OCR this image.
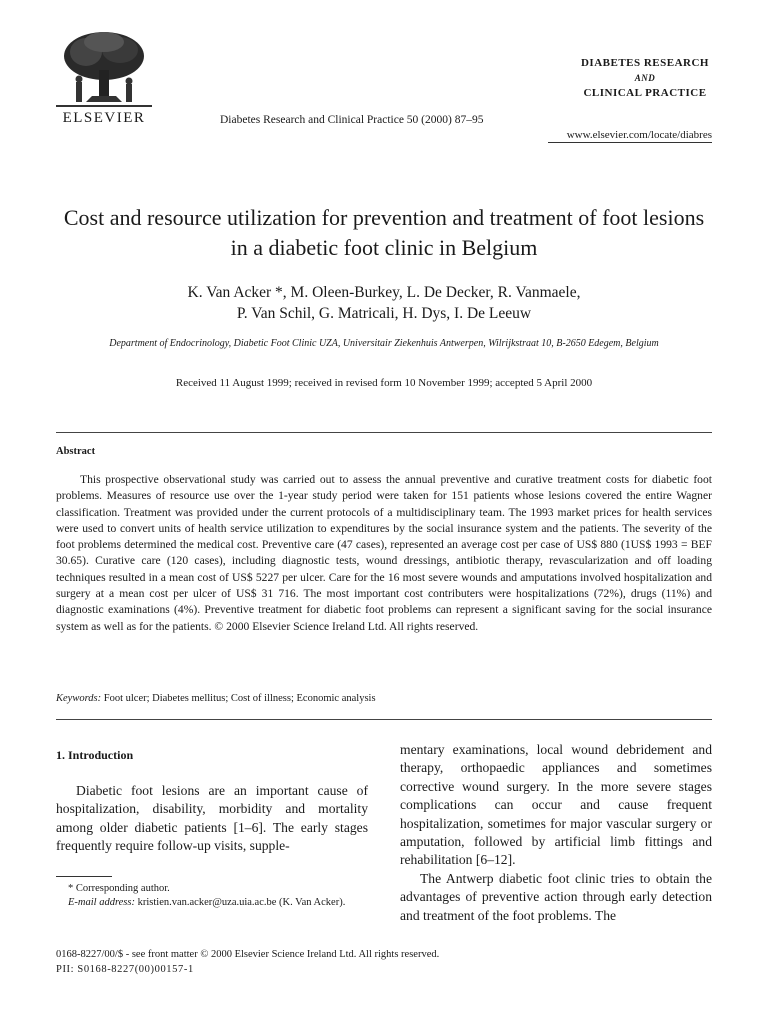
ELSEVIER	Diabetes Research and Clinical Practice 50 (2000) 87–95
DIABETES RESEARCH
AND
CLINICAL PRACTICE
www.elsevier.com/locate/diabres
Cost and resource utilization for prevention and treatment of foot lesions in a diabetic foot clinic in Belgium
K. Van Acker *, M. Oleen-Burkey, L. De Decker, R. Vanmaele,
P. Van Schil, G. Matricali, H. Dys, I. De Leeuw
Department of Endocrinology, Diabetic Foot Clinic UZA, Universitair Ziekenhuis Antwerpen, Wilrijkstraat 10, B-2650 Edegem, Belgium
Received 11 August 1999; received in revised form 10 November 1999; accepted 5 April 2000
Abstract

This prospective observational study was carried out to assess the annual preventive and curative treatment costs for diabetic foot problems. Measures of resource use over the 1-year study period were taken for 151 patients whose lesions covered the entire Wagner classification. Treatment was provided under the current protocols of a multidisciplinary team. The 1993 market prices for health services were used to convert units of health service utilization to expenditures by the social insurance system and the patients. The severity of the foot problems determined the medical cost. Preventive care (47 cases), represented an average cost per case of US$ 880 (1US$ 1993 = BEF 30.65). Curative care (120 cases), including diagnostic tests, wound dressings, antibiotic therapy, revascularization and off loading techniques resulted in a mean cost of US$ 5227 per ulcer. Care for the 16 most severe wounds and amputations involved hospitalization and surgery at a mean cost per ulcer of US$ 31 716. The most important cost contributers were hospitalizations (72%), drugs (11%) and diagnostic examinations (4%). Preventive treatment for diabetic foot problems can represent a significant saving for the social insurance system as well as for the patients. © 2000 Elsevier Science Ireland Ltd. All rights reserved.

Keywords: Foot ulcer; Diabetes mellitus; Cost of illness; Economic analysis
1. Introduction

Diabetic foot lesions are an important cause of hospitalization, disability, morbidity and mortality among older diabetic patients [1–6]. The early stages frequently require follow-up visits, supple-

mentary examinations, local wound debridement and therapy, orthopaedic appliances and sometimes corrective wound surgery. In the more severe stages complications can occur and cause frequent hospitalization, sometimes for major vascular surgery or amputation, followed by artificial limb fittings and rehabilitation [6–12].

The Antwerp diabetic foot clinic tries to obtain the advantages of preventive action through early detection and treatment of the foot problems. The

* Corresponding author.
E-mail address: kristien.van.acker@uza.uia.ac.be (K. Van Acker).
0168-8227/00/$ - see front matter © 2000 Elsevier Science Ireland Ltd. All rights reserved.
PII: S0168-8227(00)00157-1
